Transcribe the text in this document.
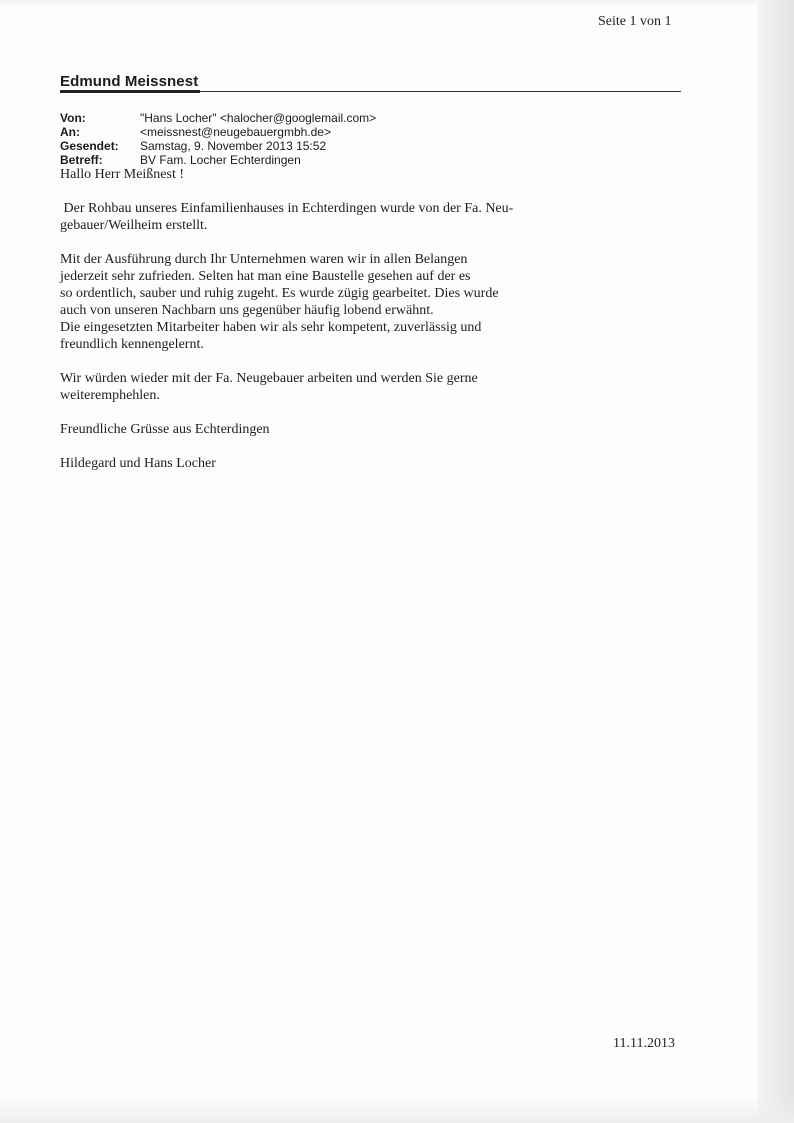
Seite 1 von 1
Edmund Meissnest
Von:	"Hans Locher" <halocher@googlemail.com>
An:	<meissnest@neugebauergmbh.de>
Gesendet:	Samstag, 9. November 2013 15:52
Betreff:	BV Fam. Locher Echterdingen

Hallo Herr Meißnest !

Der Rohbau unseres Einfamilienhauses in Echterdingen wurde von der Fa. Neu-
gebauer/Weilheim erstellt.

Mit der Ausführung durch Ihr Unternehmen waren wir in allen Belangen
jederzeit sehr zufrieden. Selten hat man eine Baustelle gesehen auf der es
so ordentlich, sauber und ruhig zugeht. Es wurde zügig gearbeitet. Dies wurde
auch von unseren Nachbarn uns gegenüber häufig lobend erwähnt.
Die eingesetzten Mitarbeiter haben wir als sehr kompetent, zuverlässig und
freundlich kennengelernt.

Wir würden wieder mit der Fa. Neugebauer arbeiten und werden Sie gerne
weiteremphehlen.

Freundliche Grüsse aus Echterdingen

Hildegard und Hans Locher

11.11.2013
